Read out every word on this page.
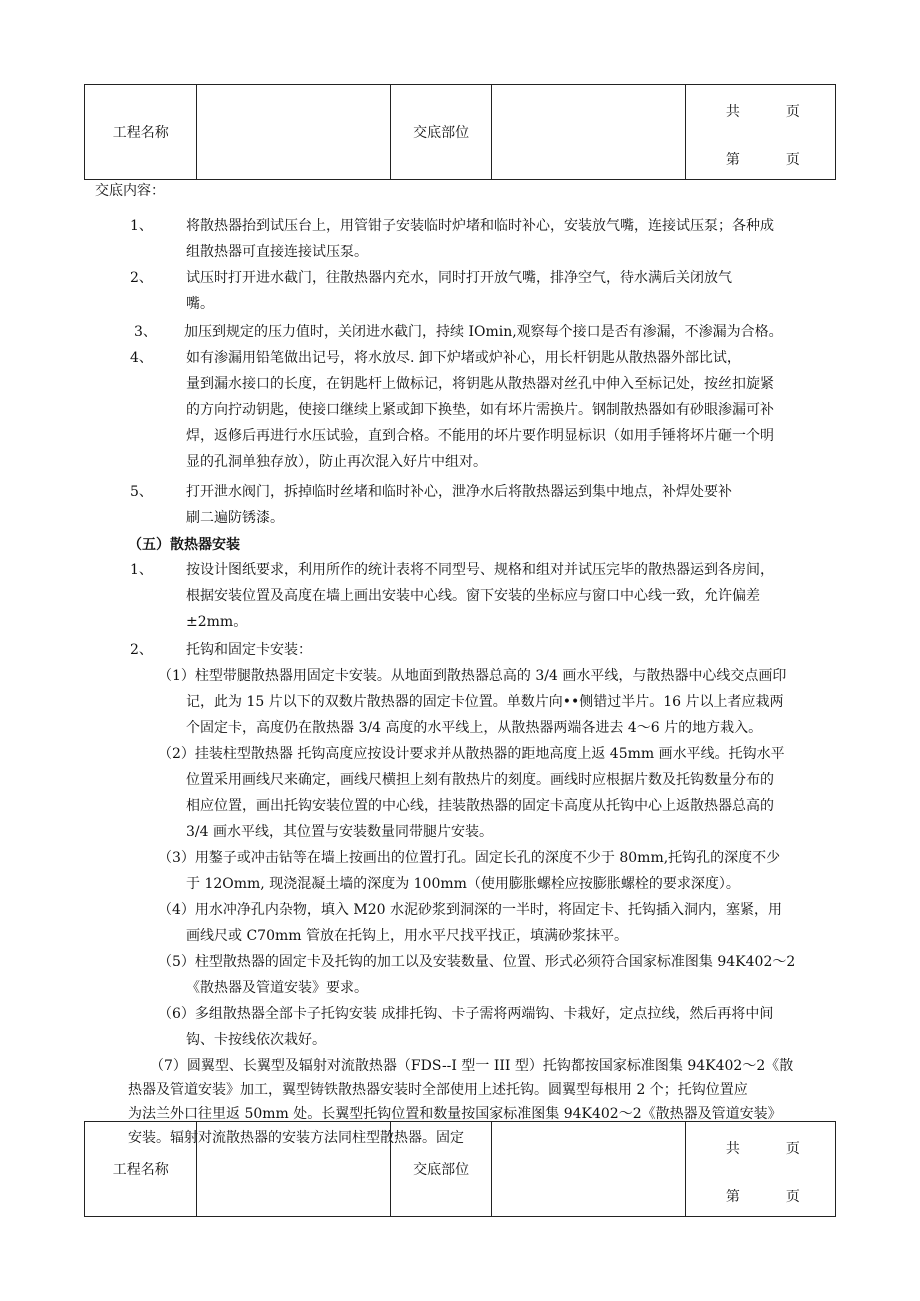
工程名称		交底部位		
共	页
第	页
交底内容：
1、 将散热器抬到试压台上，用管钳子安装临时炉堵和临时补心，安装放气嘴，连接试压泵；各种成
组散热器可直接连接试压泵。
2、 试压时打开进水截门，往散热器内充水，同时打开放气嘴，排净空气，待水满后关闭放气
嘴。
3、 加压到规定的压力值时，关闭进水截门，持续 IOmin,观察每个接口是否有渗漏，不渗漏为合格。
4、 如有渗漏用铅笔做出记号，将水放尽. 卸下炉堵或炉补心，用长杆钥匙从散热器外部比试，
量到漏水接口的长度，在钥匙杆上做标记，将钥匙从散热器对丝孔中伸入至标记处，按丝扣旋紧
的方向拧动钥匙，使接口继续上紧或卸下换垫，如有坏片需换片。钢制散热器如有砂眼渗漏可补
焊，返修后再进行水压试验，直到合格。不能用的坏片要作明显标识（如用手锤将坏片砸一个明
显的孔洞单独存放），防止再次混入好片中组对。
5、 打开泄水阀门，拆掉临时丝堵和临时补心，泄净水后将散热器运到集中地点，补焊处要补
刷二遍防锈漆。
（五）散热器安装
1、 按设计图纸要求，利用所作的统计表将不同型号、规格和组对并试压完毕的散热器运到各房间，
根据安装位置及高度在墙上画出安装中心线。窗下安装的坐标应与窗口中心线一致，允许偏差
±2mm。
2、 托钩和固定卡安装：
（1）柱型带腿散热器用固定卡安装。从地面到散热器总高的 3/4 画水平线，与散热器中心线交点画印
记，此为 15 片以下的双数片散热器的固定卡位置。单数片向••侧错过半片。16 片以上者应栽两
个固定卡，高度仍在散热器 3/4 高度的水平线上，从散热器两端各进去 4～6 片的地方栽入。
（2）挂装柱型散热器 托钩高度应按设计要求并从散热器的距地高度上返 45mm 画水平线。托钩水平
位置采用画线尺来确定，画线尺横担上刻有散热片的刻度。画线时应根据片数及托钩数量分布的
相应位置，画出托钩安装位置的中心线，挂装散热器的固定卡高度从托钩中心上返散热器总高的
3/4 画水平线，其位置与安装数量同带腿片安装。
（3）用鏊子或冲击钻等在墙上按画出的位置打孔。固定长孔的深度不少于 80mm,托钩孔的深度不少
于 12Omm, 现浇混凝土墙的深度为 100mm（使用膨胀螺栓应按膨胀螺栓的要求深度）。
（4）用水冲净孔内杂物，填入 M20 水泥砂浆到洞深的一半时，将固定卡、托钩插入洞内，塞紧，用
画线尺或 C70mm 管放在托钩上，用水平尺找平找正，填满砂浆抹平。
（5）柱型散热器的固定卡及托钩的加工以及安装数量、位置、形式必须符合国家标准图集 94K402～2
《散热器及管道安装》要求。
（6）多组散热器全部卡子托钩安装 成排托钩、卡子需将两端钩、卡栽好，定点拉线，然后再将中间
钩、卡按线依次栽好。
（7）圆翼型、长翼型及辐射对流散热器（FDS--I 型一 III 型）托钩都按国家标准图集 94K402～2《散
热器及管道安装》加工，翼型铸铁散热器安装时全部使用上述托钩。圆翼型每根用 2 个；托钩位置应
为法兰外口往里返 50mm 处。长翼型托钩位置和数量按国家标准图集 94K402～2《散热器及管道安装》
安装。辐射对流散热器的安装方法同柱型散热器。固定
工程名称		交底部位		
共	页
第	页
